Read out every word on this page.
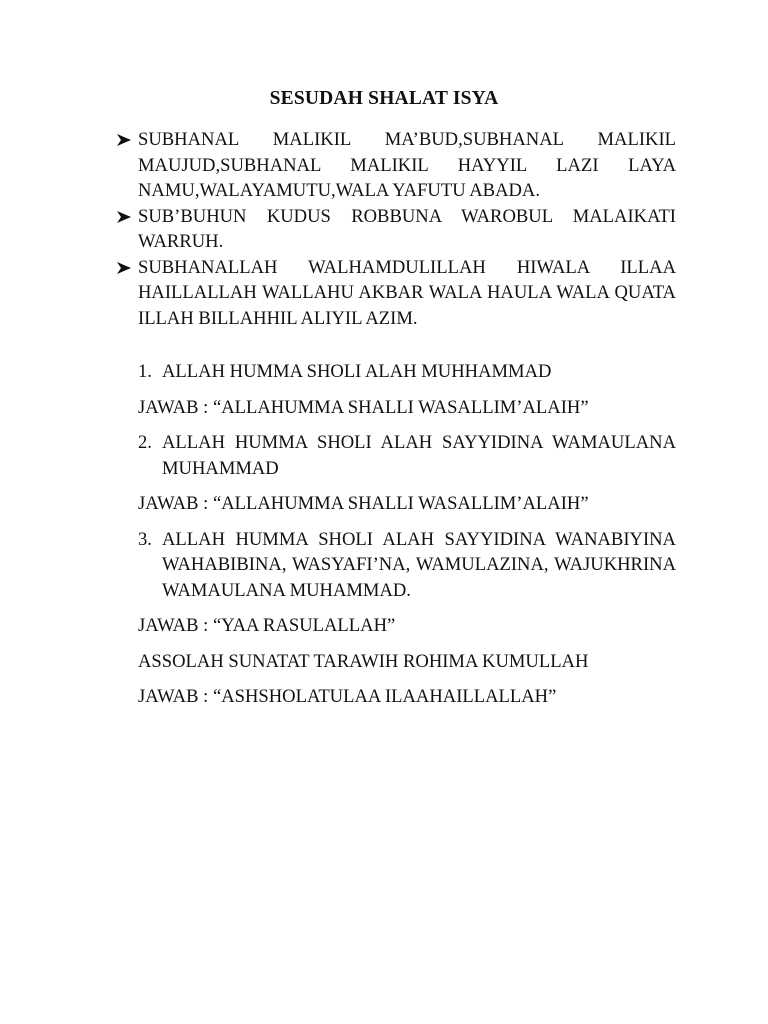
SESUDAH SHALAT ISYA
SUBHANAL MALIKIL MA’BUD,SUBHANAL MALIKIL MAUJUD,SUBHANAL MALIKIL HAYYIL LAZI LAYA NAMU,WALAYAMUTU,WALA YAFUTU ABADA.
SUB’BUHUN KUDUS ROBBUNA WAROBUL MALAIKATI WARRUH.
SUBHANALLAH WALHAMDULILLAH HIWALA ILLAA HAILLALLAH WALLAHU AKBAR WALA HAULA WALA QUATA ILLAH BILLAHHIL ALIYIL AZIM.
1. ALLAH HUMMA SHOLI ALAH MUHHAMMAD
JAWAB : “ALLAHUMMA SHALLI WASALLIM’ALAIH”
2. ALLAH HUMMA SHOLI ALAH SAYYIDINA WAMAULANA MUHAMMAD
JAWAB : “ALLAHUMMA SHALLI WASALLIM’ALAIH”
3. ALLAH HUMMA SHOLI ALAH SAYYIDINA WANABIYINA WAHABIBINA, WASYAFI’NA, WAMULAZINA, WAJUKHRINA WAMAULANA MUHAMMAD.
JAWAB : “YAA RASULALLAH”
ASSOLAH SUNATAT TARAWIH ROHIMA KUMULLAH
JAWAB : “ASHSHOLATULAA ILAAHAILLALLAH”
